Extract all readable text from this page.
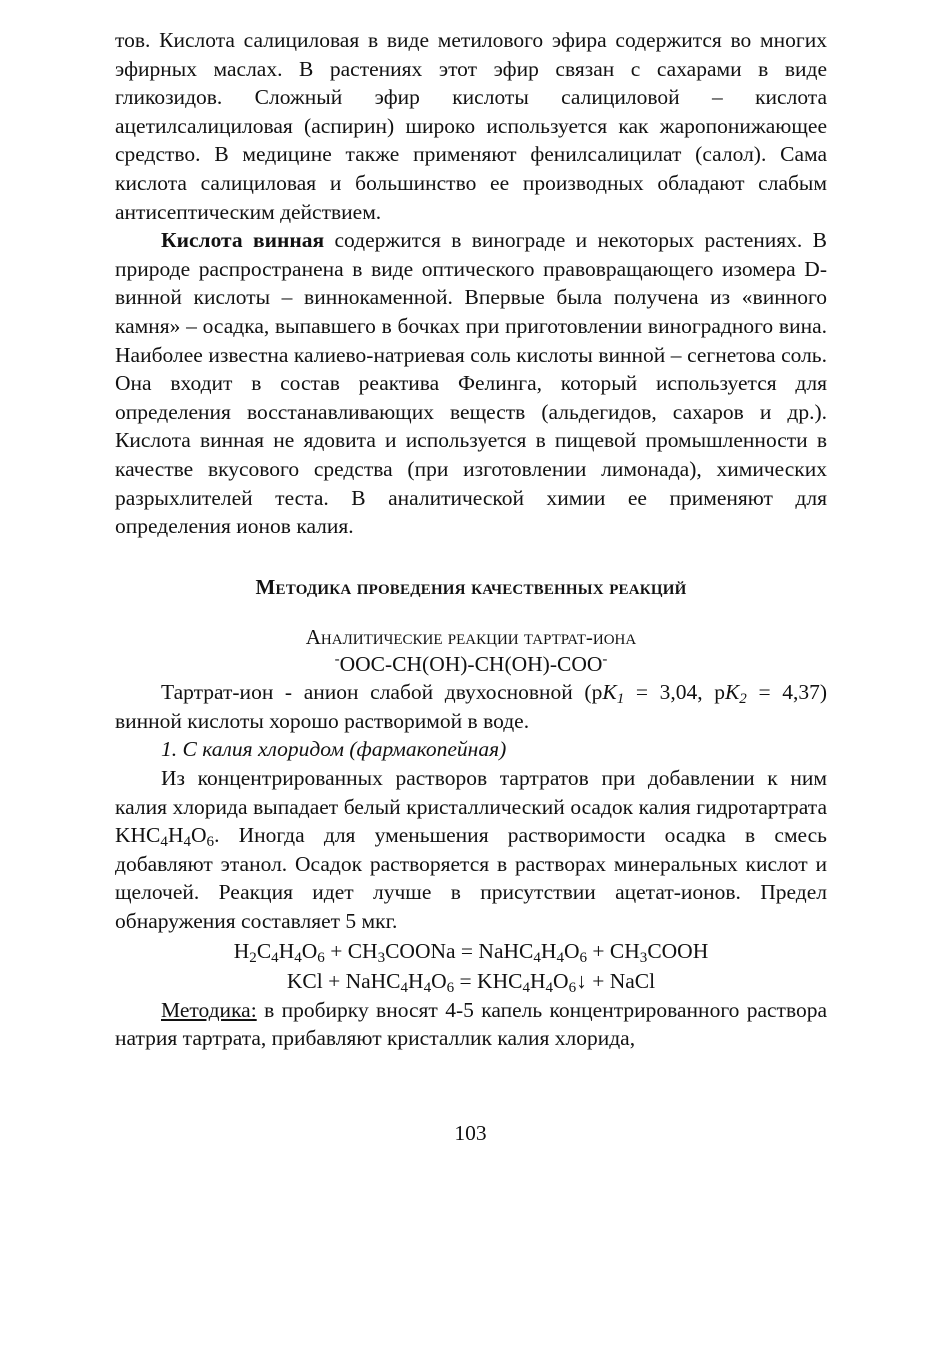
тов. Кислота салициловая в виде метилового эфира содержится во многих эфирных маслах. В растениях этот эфир связан с сахарами в виде гликозидов. Сложный эфир кислоты салициловой – кислота ацетилсалициловая (аспирин) широко используется как жаропонижающее средство. В медицине также применяют фенилсалицилат (салол). Сама кислота салициловая и большинство ее производных обладают слабым антисептическим действием.

Кислота винная содержится в винограде и некоторых растениях. В природе распространена в виде оптического правовращающего изомера D-винной кислоты – виннокаменной. Впервые была получена из «винного камня» – осадка, выпавшего в бочках при приготовлении виноградного вина. Наиболее известна калиево-натриевая соль кислоты винной – сегнетова соль. Она входит в состав реактива Фелинга, который используется для определения восстанавливающих веществ (альдегидов, сахаров и др.). Кислота винная не ядовита и используется в пищевой промышленности в качестве вкусового средства (при изготовлении лимонада), химических разрыхлителей теста. В аналитической химии ее применяют для определения ионов калия.

Методика проведения качественных реакций

Аналитические реакции тартрат-иона

-OOC-CH(OH)-CH(OH)-COO-

Тартрат-ион - анион слабой двухосновной ($pK_1 = 3,04$, $pK_2 = 4,37$) винной кислоты хорошо растворимой в воде.

1. С калия хлоридом (фармакопейная)

Из концентрированных растворов тартратов при добавлении к ним калия хлорида выпадает белый кристаллический осадок калия гидротартрата $KHC_4H_4O_6$. Иногда для уменьшения растворимости осадка в смесь добавляют этанол. Осадок растворяется в растворах минеральных кислот и щелочей. Реакция идет лучше в присутствии ацетат-ионов. Предел обнаружения составляет 5 мкг.

$H_2C_4H_4O_6$ + $CH_3COONa$ = $NaHC_4H_4O_6$ + $CH_3COOH$

KCl + $NaHC_4H_4O_6$ = $KHC_4H_4O_6↓$ + NaCl

Методика: в пробирку вносят 4-5 капель концентрированного раствора натрия тартрата, прибавляют кристаллик калия хлорида,

103
